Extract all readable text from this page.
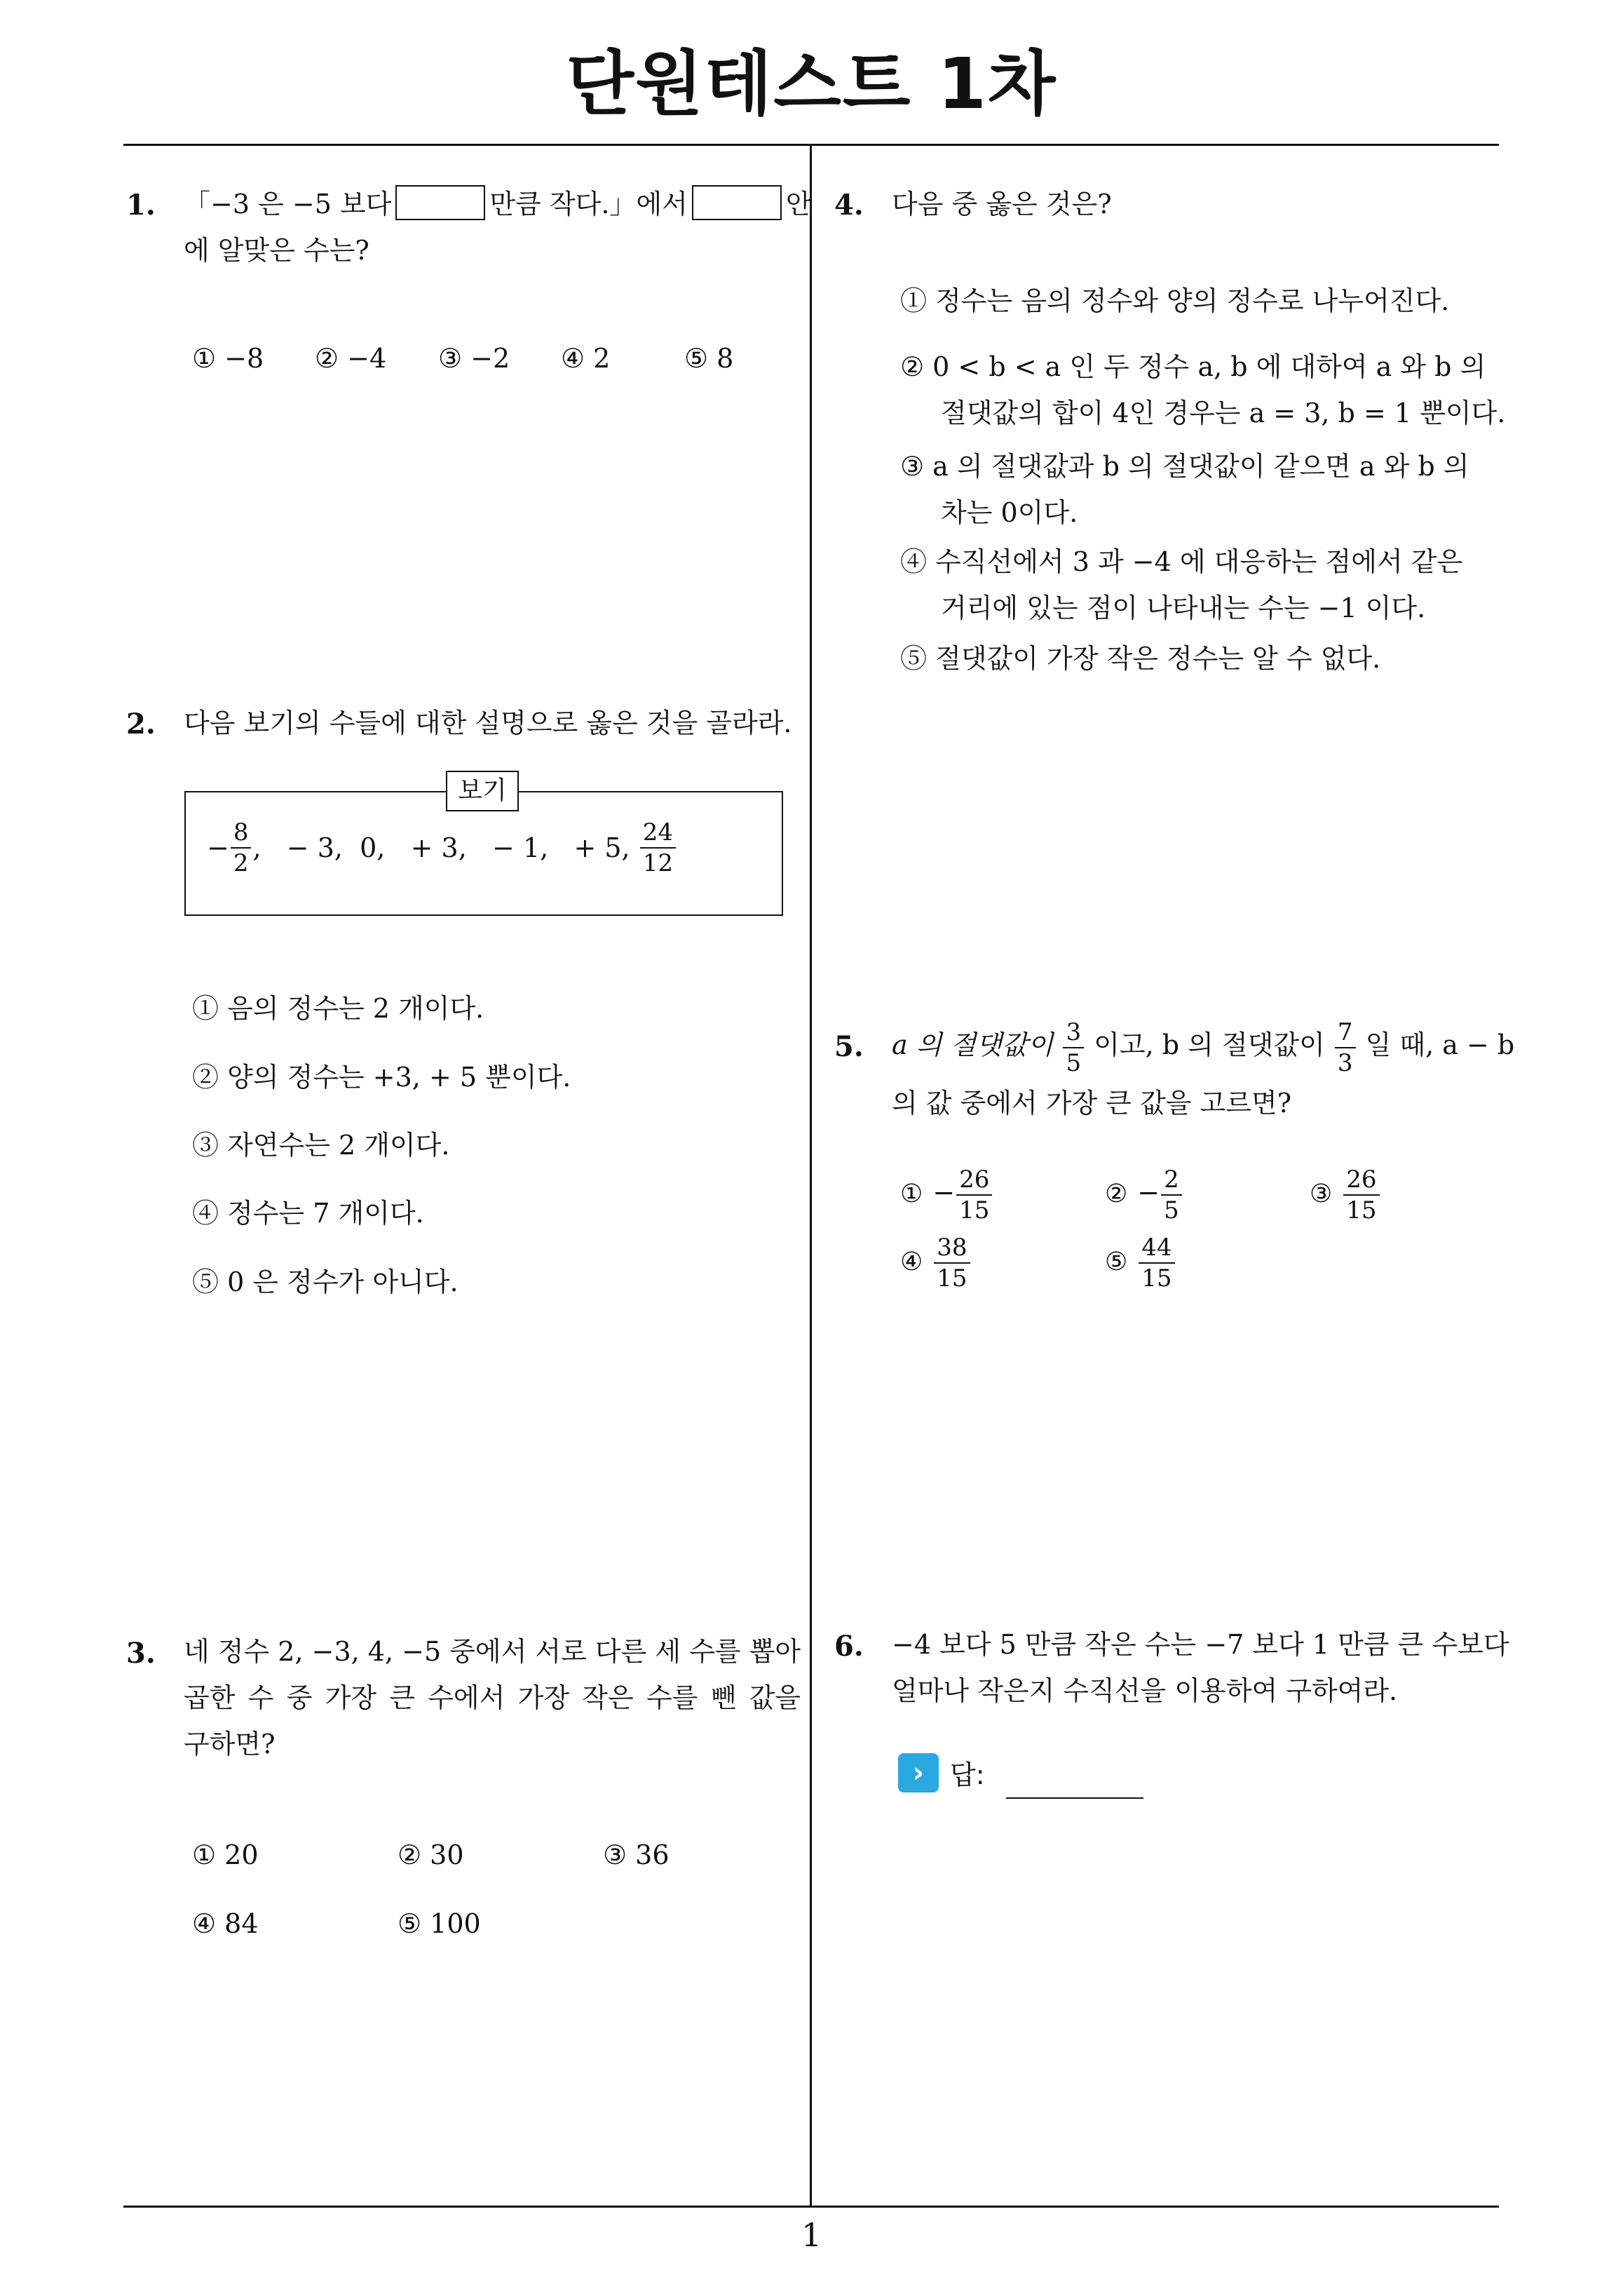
단원테스트 1차
1
1. 「−3 은 −5 보다	만큼 작다.」에서	안
에 알맞은 수는?
① −8 ② −4 ③ −2 ④ 2	⑤ 8
2. 다음 보기의 수들에 대한 설명으로 옳은 것을 골라라.
보기
− $\frac{8}{2}$ ,   − 3,  0,   + 3,   − 1,   + 5, $\frac{24}{12}$
① 음의 정수는 2 개이다.
② 양의 정수는 +3, + 5 뿐이다.
③ 자연수는 2 개이다.
④ 정수는 7 개이다.
⑤ 0 은 정수가 아니다.
3. 네 정수 2, −3, 4, −5 중에서 서로 다른 세 수를 뽑아
곱한 수 중 가장 큰 수에서 가장 작은 수를 뺀 값을
구하면?
① 20	② 30	③ 36
④ 84	⑤ 100
4. 다음 중 옳은 것은?
① 정수는 음의 정수와 양의 정수로 나누어진다.
② 0 < b < a 인 두 정수 a, b 에 대하여 a 와 b 의
절댓값의 합이 4인 경우는 a = 3, b = 1 뿐이다.
③ a 의 절댓값과 b 의 절댓값이 같으면 a 와 b 의
차는 0이다.
④ 수직선에서 3 과 −4 에 대응하는 점에서 같은
거리에 있는 점이 나타내는 수는 −1 이다.
⑤ 절댓값이 가장 작은 정수는 알 수 없다.
5. a 의 절댓값이 $\frac{3}{5}$ 이고, b 의 절댓값이 $\frac{7}{3}$ 일 때, a − b
의 값 중에서 가장 큰 값을 고르면?
① − $\frac{26}{15}$	② − $\frac{2}{5}$	③ $\frac{26}{15}$
④ $\frac{38}{15}$	⑤ $\frac{44}{15}$
6. −4 보다 5 만큼 작은 수는 −7 보다 1 만큼 큰 수보다
얼마나 작은지 수직선을 이용하여 구하여라.
› 답:
